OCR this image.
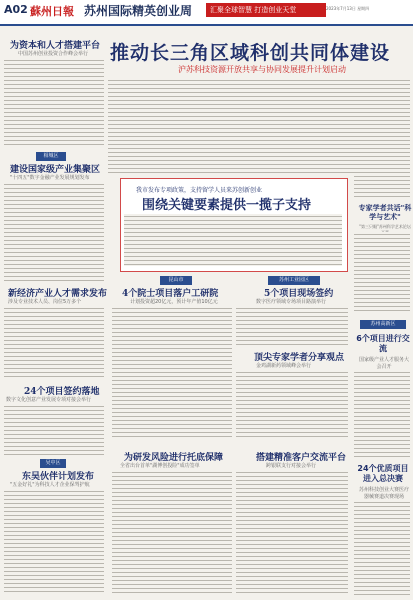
A02 蘇州日報 苏州国际精英创业周	汇聚全球智慧 打造创业天堂	2023年7月13日 星期四
推动长三角区域科创共同体建设
沪苏科技资源开放共享与协同发展提升计划启动
为资本和人才搭建平台
中国苏州创业投资合作峰会举行
相城区
建设国家级产业集聚区
"十四五"数字金融产业发展规划发布
新经济产业人才需求发布
涉及专业技术人员、岗位5万多个
24个项目签约落地
数字文化创意产业发展专项对接会举行
吴中区
东吴伙伴计划发布
"五金好礼"为科技人才企业保驾护航
我市发布专项政策，支持留学人员来苏创新创业
围绕关键要素提供一揽子支持
昆山市	苏州工业园区
4个院士项目落户工研院
计划投资超20亿元，预计年产值10亿元
5个项目现场签约
数字医疗领域专场项目路演举行
顶尖专家学者分享观点
金鸡湖新药领域峰会举行
为研发风险进行托底保障
全省出台首单"湖博创投险"成功签单
搭建精准客户交流平台
跨银联支行对接会举行
专家学者共话"科学与艺术"
"第三只眼"苏州科学艺术论坛
苏州高新区
6个项目进行交流
国家级产业人才服务大会召开
24个优质项目进入总决赛
苏州科技创业大赛医疗器械赛道决赛现场
